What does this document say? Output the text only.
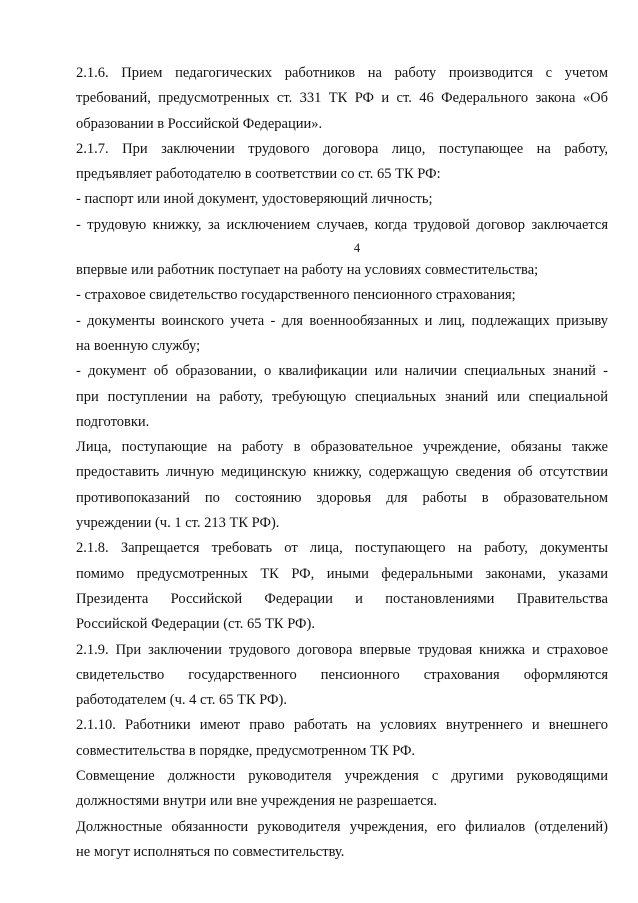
2.1.6. Прием педагогических работников на работу производится с учетом
требований, предусмотренных ст. 331 ТК РФ и ст. 46 Федерального закона «Об
образовании в Российской Федерации».
2.1.7. При заключении трудового договора лицо, поступающее на работу,
предъявляет работодателю в соответствии со ст. 65 ТК РФ:
- паспорт или иной документ, удостоверяющий личность;
- трудовую книжку, за исключением случаев, когда трудовой договор заключается
4
впервые или работник поступает на работу на условиях совместительства;
- страховое свидетельство государственного пенсионного страхования;
- документы воинского учета - для военнообязанных и лиц, подлежащих призыву
на военную службу;
- документ об образовании, о квалификации или наличии специальных знаний -
при поступлении на работу, требующую специальных знаний или специальной
подготовки.
Лица, поступающие на работу в образовательное учреждение, обязаны также
предоставить личную медицинскую книжку, содержащую сведения об отсутствии
противопоказаний по состоянию здоровья для работы в образовательном
учреждении (ч. 1 ст. 213 ТК РФ).
2.1.8. Запрещается требовать от лица, поступающего на работу, документы
помимо предусмотренных ТК РФ, иными федеральными законами, указами
Президента Российской Федерации и постановлениями Правительства
Российской Федерации (ст. 65 ТК РФ).
2.1.9. При заключении трудового договора впервые трудовая книжка и страховое
свидетельство государственного пенсионного страхования оформляются
работодателем (ч. 4 ст. 65 ТК РФ).
2.1.10. Работники имеют право работать на условиях внутреннего и внешнего
совместительства в порядке, предусмотренном ТК РФ.
Совмещение должности руководителя учреждения с другими руководящими
должностями внутри или вне учреждения не разрешается.
Должностные обязанности руководителя учреждения, его филиалов (отделений)
не могут исполняться по совместительству.
